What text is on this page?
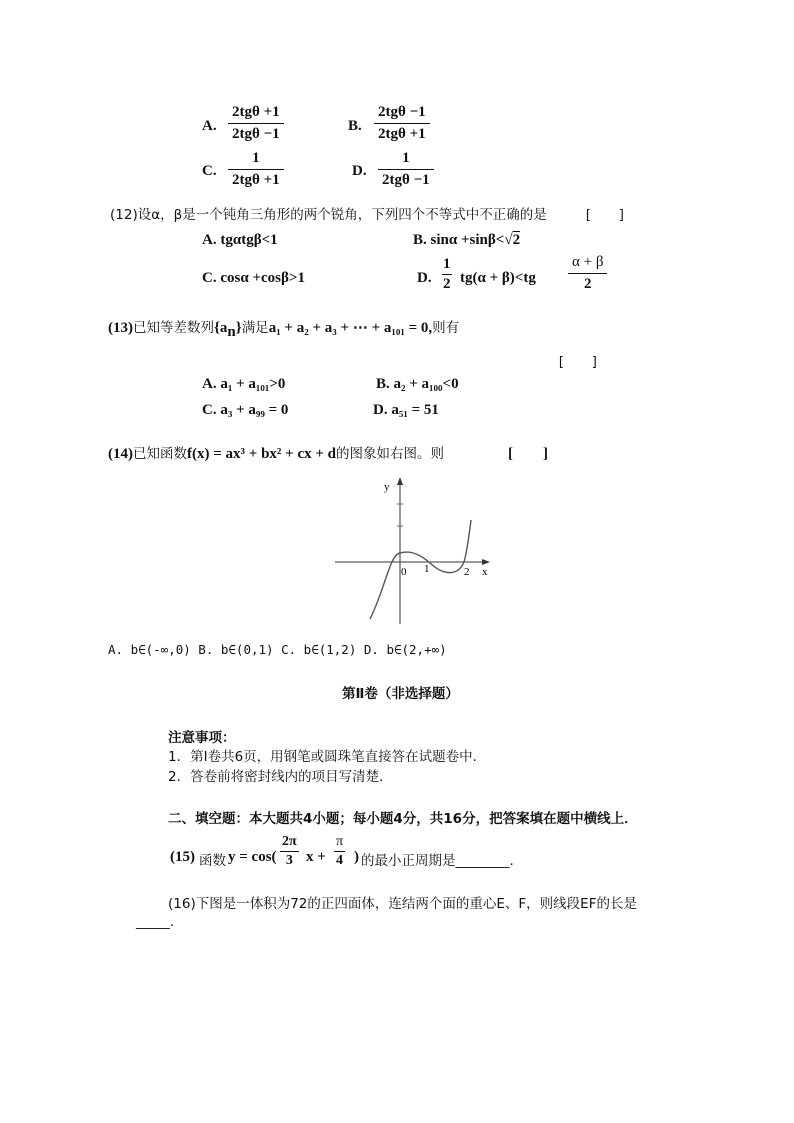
A.
2tgθ +1
2tgθ −1	B.
2tgθ −1
2tgθ +1
C.
1
2tgθ +1
D.
1
2tgθ −1
(12)设α，β是一个钝角三角形的两个锐角，下列四个不等式中不正确的是	[　　]
A. tgαtgβ<1	B. sinα +sinβ<√2
C. cosα +cosβ>1	D. $\frac{1}{2} tg(\alpha + \beta)<tg \frac{\alpha + \beta}{2}$
(13)已知等差数列$\{a_n\}$满足a₁ + a₂ + a₃ + ⋯ + a₁₀₁ = 0,则有
[　　]
A. a₁ + a₁₀₁>0	B. a₂ + a₁₀₀<0
C. a₃ + a₉₉ = 0	D. a₅₁ = 51
(14)已知函数f(x) = ax³ + bx² + cx + d的图象如右图。则	[　　]
y
x
0 1	2
A. b∈(-∞,0) B. b∈(0,1) C. b∈(1,2) D. b∈(2,+∞)
第Ⅱ卷（非选择题）
注意事项：
1．第Ⅰ卷共6页，用钢笔或圆珠笔直接答在试题卷中．
2．答卷前将密封线内的项目写清楚．
二、填空题：本大题共4小题；每小题4分，共16分，把答案填在题中横线上．
(15) 函数 $y = \cos( \frac{2\pi}{3}$ $x + \frac{\pi}{4}$ ) 的最小正周期是________.
(16)下图是一体积为72的正四面体，连结两个面的重心E、F，则线段EF的长是
_____.
